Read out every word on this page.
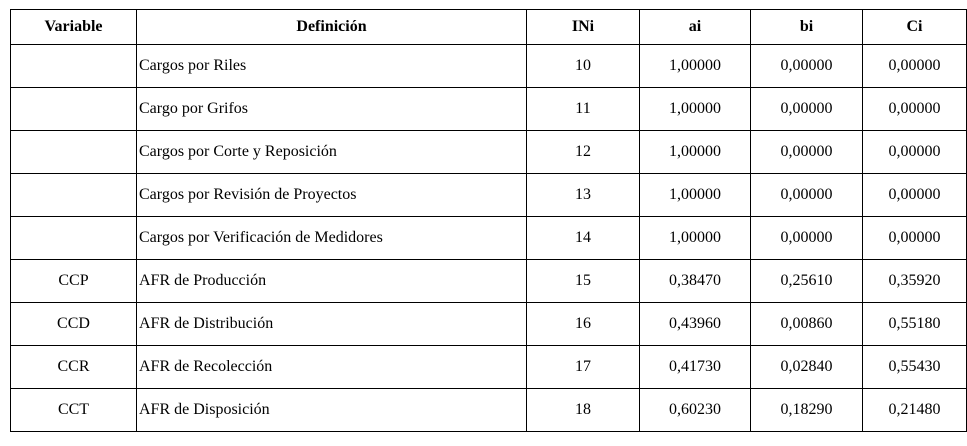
Variable	Definición	INi	ai	bi	Ci
	Cargos por Riles	10	1,00000	0,00000	0,00000
	Cargo por Grifos	11	1,00000	0,00000	0,00000
	Cargos por Corte y Reposición	12	1,00000	0,00000	0,00000
	Cargos por Revisión de Proyectos	13	1,00000	0,00000	0,00000
	Cargos por Verificación de Medidores	14	1,00000	0,00000	0,00000
CCP	AFR de Producción	15	0,38470	0,25610	0,35920
CCD	AFR de Distribución	16	0,43960	0,00860	0,55180
CCR	AFR de Recolección	17	0,41730	0,02840	0,55430
CCT	AFR de Disposición	18	0,60230	0,18290	0,21480
